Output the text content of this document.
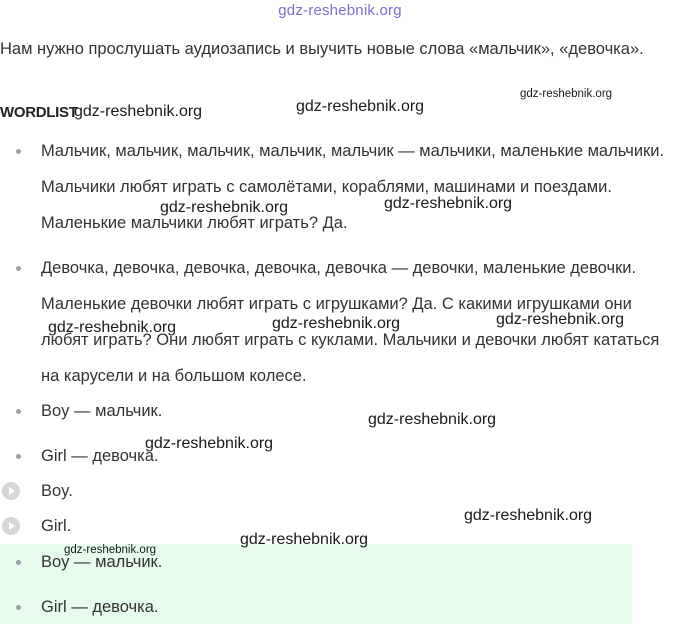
gdz-reshebnik.org
Нам нужно прослушать аудиозапись и выучить новые слова «мальчик», «девочка».
WORDLIST
Мальчик, мальчик, мальчик, мальчик, мальчик — мальчики, маленькие мальчики. Мальчики любят играть с самолётами, кораблями, машинами и поездами. Маленькие мальчики любят играть? Да.
Девочка, девочка, девочка, девочка, девочка — девочки, маленькие девочки. Маленькие девочки любят играть с игрушками? Да. С какими игрушками они любят играть? Они любят играть с куклами. Мальчики и девочки любят кататься на карусели и на большом колесе.
Boy — мальчик.
Girl — девочка.
Boy.
Girl.
Boy — мальчик.
Girl — девочка.
gdz-reshebnik.org	gdz-reshebnik.org
gdz-reshebnik.org
gdz-reshebnik.org	gdz-reshebnik.org
gdz-reshebnik.org	gdz-reshebnik.org	gdz-reshebnik.org
gdz-reshebnik.org
gdz-reshebnik.org
gdz-reshebnik.org
gdz-reshebnik.org
gdz-reshebnik.org
